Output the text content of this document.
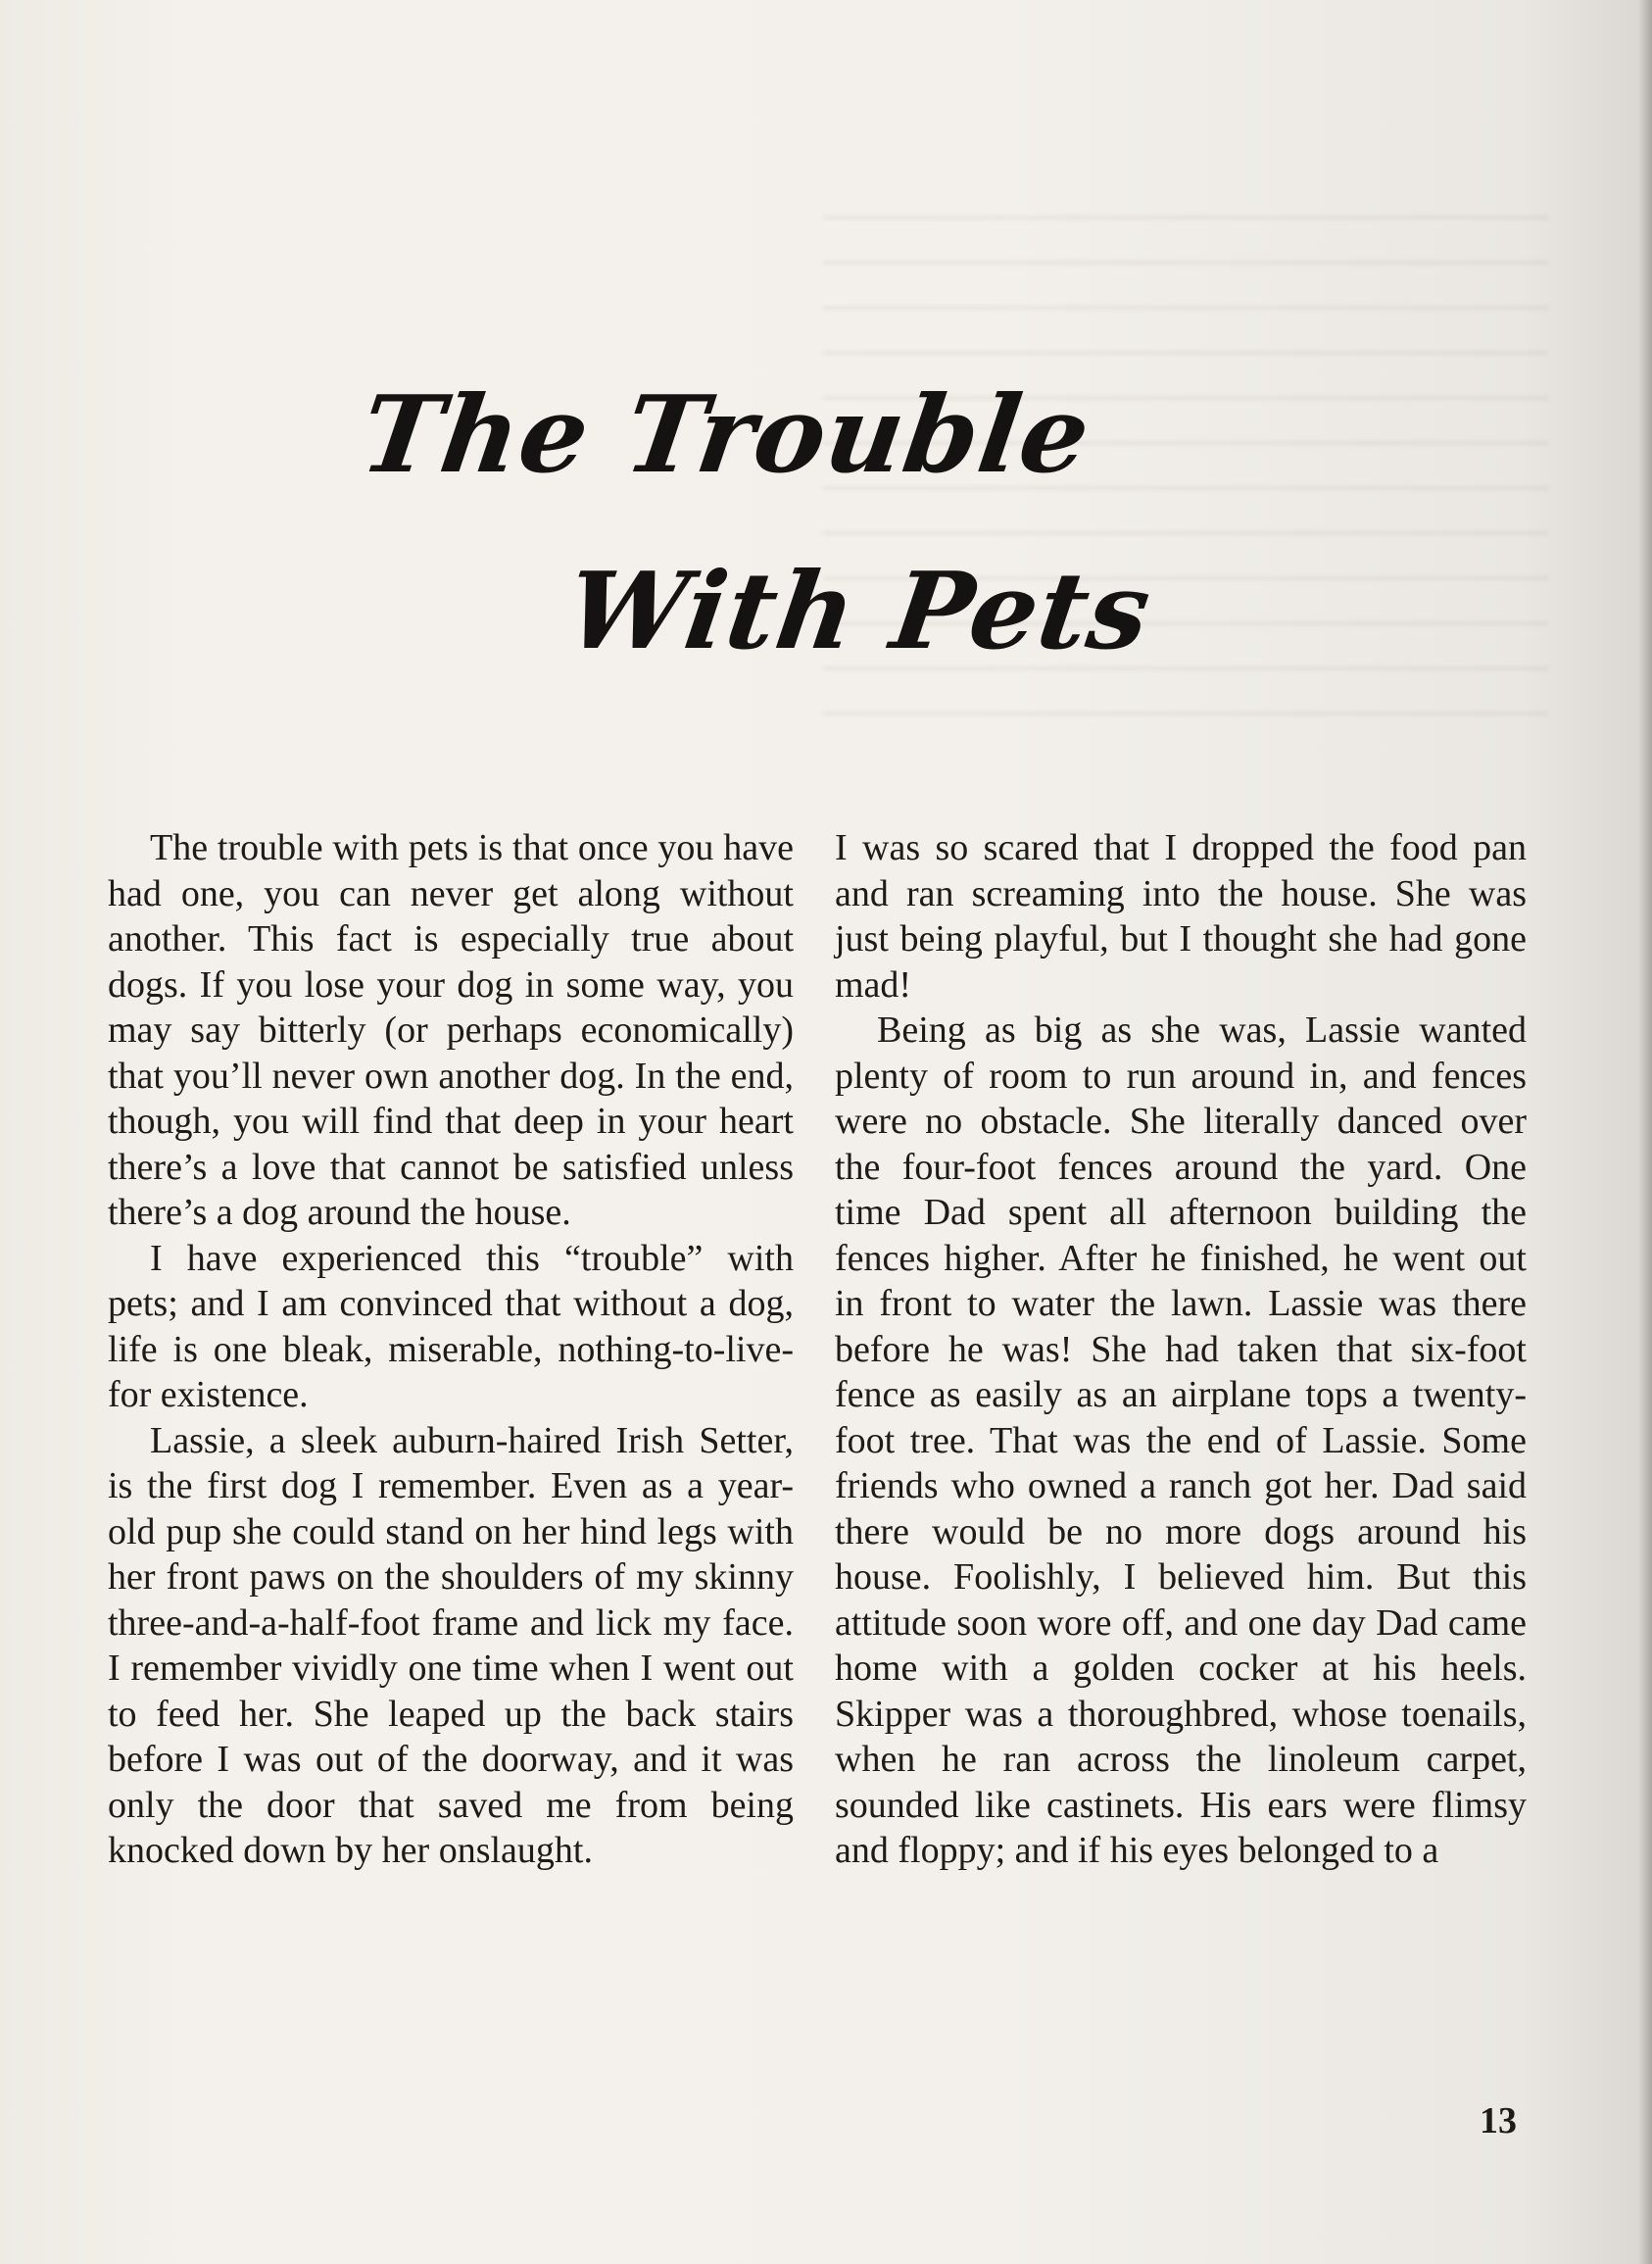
The Trouble
With Pets

The trouble with pets is that once you have had one, you can never get along without another. This fact is especially true about dogs. If you lose your dog in some way, you may say bitterly (or perhaps economically) that you’ll never own another dog. In the end, though, you will find that deep in your heart there’s a love that cannot be satisfied unless there’s a dog around the house.

I have experienced this “trouble” with pets; and I am convinced that without a dog, life is one bleak, miserable, nothing-to-live-for existence.

Lassie, a sleek auburn-haired Irish Setter, is the first dog I remember. Even as a year-old pup she could stand on her hind legs with her front paws on the shoulders of my skinny three-and-a-half-foot frame and lick my face. I remember vividly one time when I went out to feed her. She leaped up the back stairs before I was out of the doorway, and it was only the door that saved me from being knocked down by her onslaught.

I was so scared that I dropped the food pan and ran screaming into the house. She was just being playful, but I thought she had gone mad!

Being as big as she was, Lassie wanted plenty of room to run around in, and fences were no obstacle. She literally danced over the four-foot fences around the yard. One time Dad spent all afternoon building the fences higher. After he finished, he went out in front to water the lawn. Lassie was there before he was! She had taken that six-foot fence as easily as an airplane tops a twenty-foot tree. That was the end of Lassie. Some friends who owned a ranch got her. Dad said there would be no more dogs around his house. Foolishly, I believed him. But this attitude soon wore off, and one day Dad came home with a golden cocker at his heels. Skipper was a thoroughbred, whose toenails, when he ran across the linoleum carpet, sounded like castinets. His ears were flimsy and floppy; and if his eyes belonged to a

13
